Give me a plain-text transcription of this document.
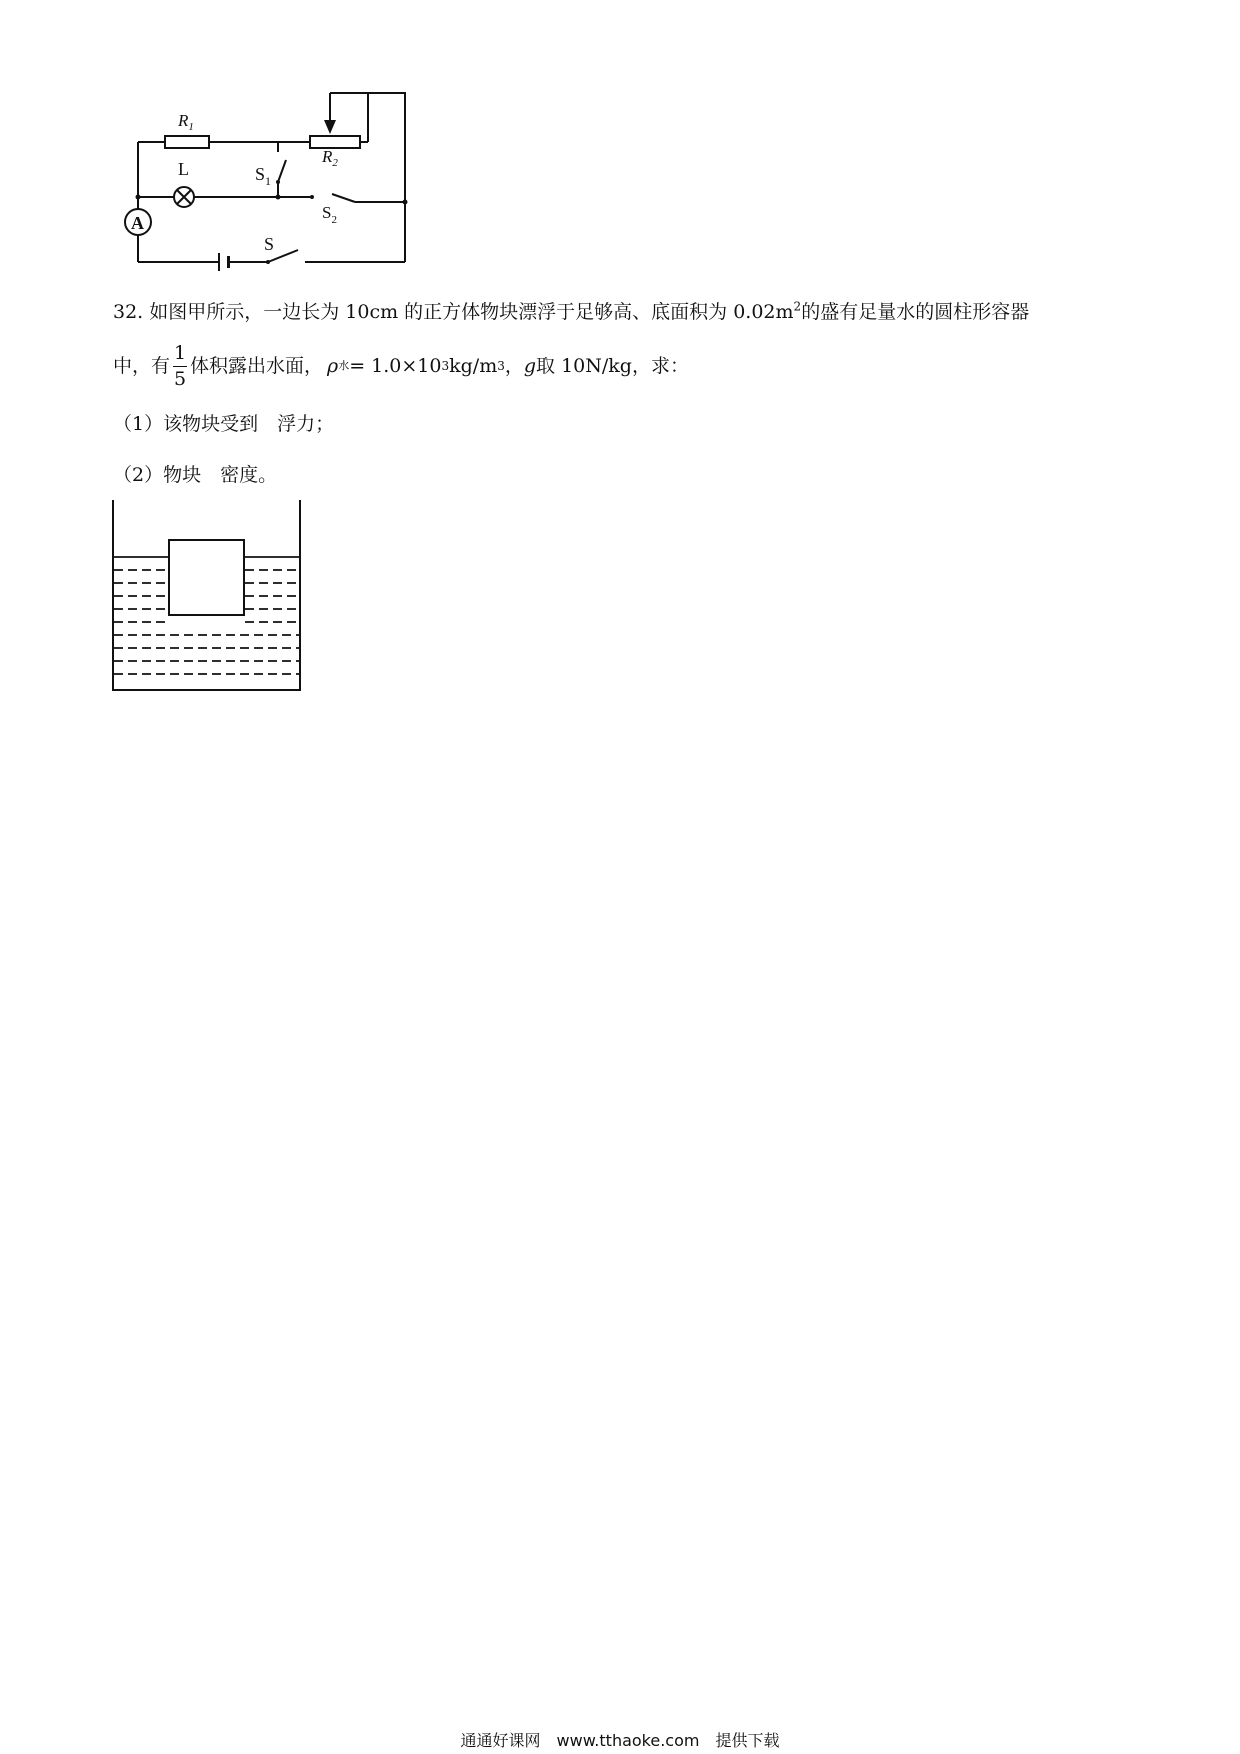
$R_1$
$R_2$
L	$S_1$
$S_2$
S
A
32. 如图甲所示，一边长为 10cm 的正方体物块漂浮于足够高、底面积为 $0.02m^2$的盛有足量水的圆柱形容器
中，有 $\frac{1}{5}$ 体积露出水面， ρ 水 = 1.0×10 3 kg/m 3 ， g 取 10N/kg，求：
（1）该物块受到　浮力；
（2）物块　密度。
通通好课网　www.tthaoke.com　提供下载
